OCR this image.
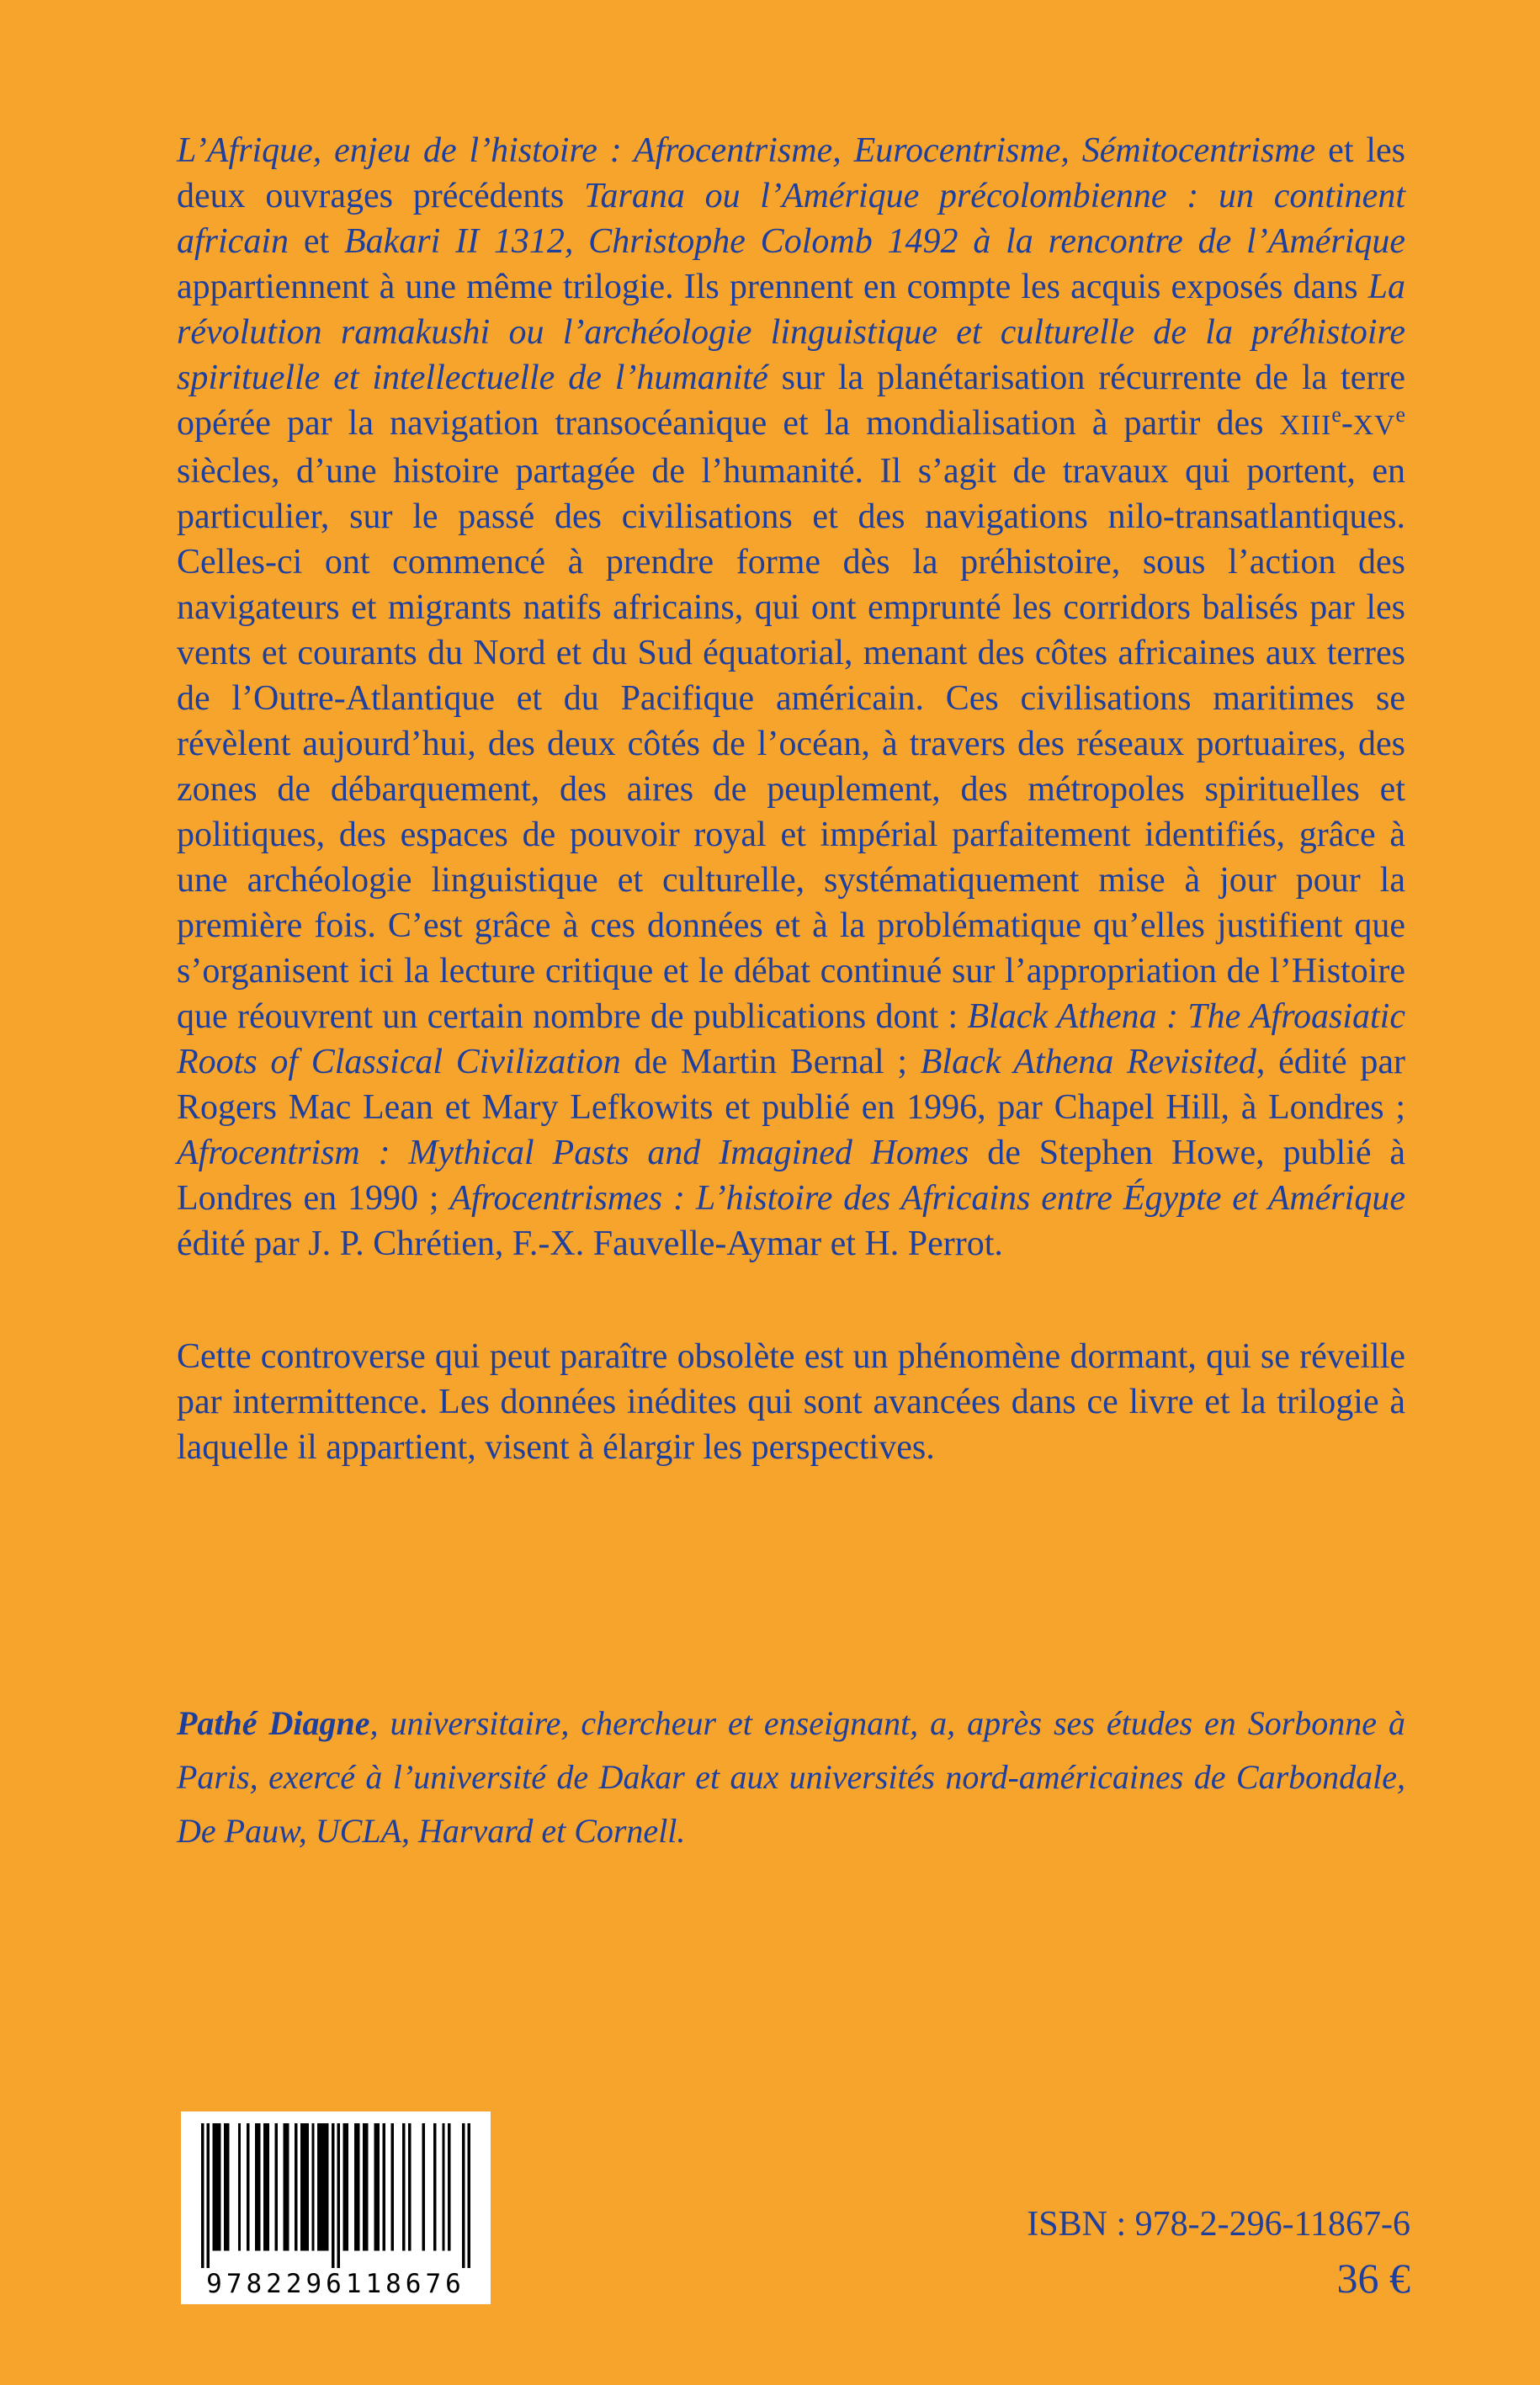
L’Afrique, enjeu de l’histoire : Afrocentrisme, Eurocentrisme, Sémitocentrisme et les deux ouvrages précédents Tarana ou l’Amérique précolombienne : un continent africain et Bakari II 1312, Christophe Colomb 1492 à la rencontre de l’Amérique appartiennent à une même trilogie. Ils prennent en compte les acquis exposés dans La révolution ramakushi ou l’archéologie linguistique et culturelle de la préhistoire spirituelle et intellectuelle de l’humanité sur la planétarisation récurrente de la terre opérée par la navigation transocéanique et la mondialisation à partir des XIIIe-XVe siècles, d’une histoire partagée de l’humanité. Il s’agit de travaux qui portent, en particulier, sur le passé des civilisations et des navigations nilo-transatlantiques. Celles-ci ont commencé à prendre forme dès la préhistoire, sous l’action des navigateurs et migrants natifs africains, qui ont emprunté les corridors balisés par les vents et courants du Nord et du Sud équatorial, menant des côtes africaines aux terres de l’Outre-Atlantique et du Pacifique américain. Ces civilisations maritimes se révèlent aujourd’hui, des deux côtés de l’océan, à travers des réseaux portuaires, des zones de débarquement, des aires de peuplement, des métropoles spirituelles et politiques, des espaces de pouvoir royal et impérial parfaitement identifiés, grâce à une archéologie linguistique et culturelle, systématiquement mise à jour pour la première fois. C’est grâce à ces données et à la problématique qu’elles justifient que s’organisent ici la lecture critique et le débat continué sur l’appropriation de l’Histoire que réouvrent un certain nombre de publications dont : Black Athena : The Afroasiatic Roots of Classical Civilization de Martin Bernal ; Black Athena Revisited, édité par Rogers Mac Lean et Mary Lefkowits et publié en 1996, par Chapel Hill, à Londres ; Afrocentrism : Mythical Pasts and Imagined Homes de Stephen Howe, publié à Londres en 1990 ; Afrocentrismes : L’histoire des Africains entre Égypte et Amérique édité par J. P. Chrétien, F.-X. Fauvelle-Aymar et H. Perrot.

Cette controverse qui peut paraître obsolète est un phénomène dormant, qui se réveille par intermittence. Les données inédites qui sont avancées dans ce livre et la trilogie à laquelle il appartient, visent à élargir les perspectives.

Pathé Diagne, universitaire, chercheur et enseignant, a, après ses études en Sorbonne à Paris, exercé à l’université de Dakar et aux universités nord-américaines de Carbondale, De Pauw, UCLA, Harvard et Cornell.

9782296118676
ISBN : 978-2-296-11867-6
36 €
